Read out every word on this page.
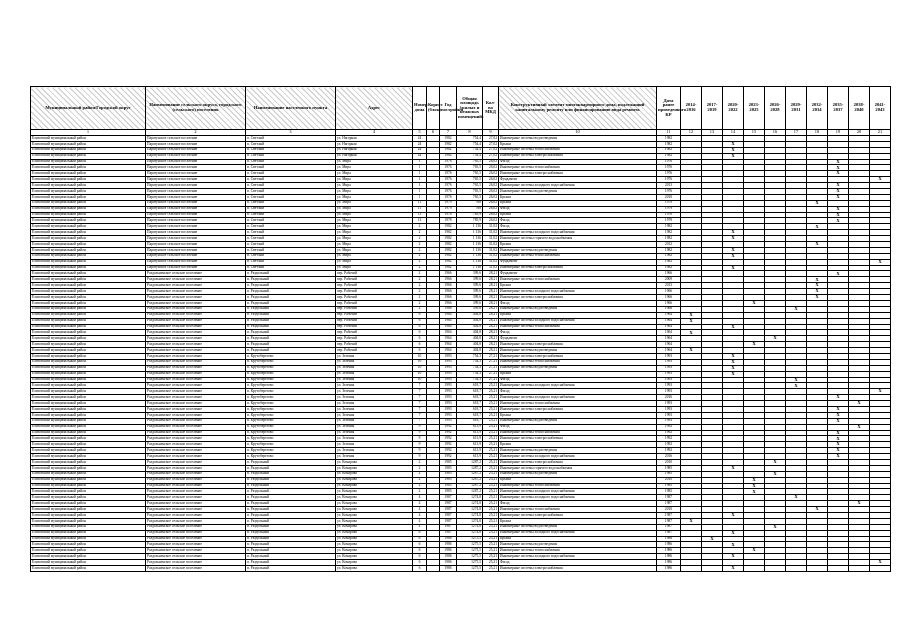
Муниципальный район/Городской округ	Наименование сельского округа, городского (сельского) поселения	Наименование населенного пункта	Адрес	Номер дома	Корпус (блок)	Год постройки	Общая площадь (жилых и нежилых помещений)	Кол-во МКД	Конструктивный элемент многоквартирного дома, подлежащий капитальному ремонту или финансированию вида ремонта	Дата ранее проведенного КР	2014-2016	2017-2019	2020-2022	2023-2025	2026-2028	2029-2031	2032-2034	2035-2037	2038-2040	2041-2043
1	2	3	4	5	6	7	8	9	10	11	12	13	14	15	16	17	18	19	20	21
Елизовский муниципальный район	Паратунское сельское поселение	п. Светлый	ул. Нагорная	24		1982	754,4	27,02	Инженерные системы водоотведения	1982										
Елизовский муниципальный район	Паратунское сельское поселение	п. Светлый	ул. Нагорная	24		1982	754,4	27,02	Крыша	1982			X							
Елизовский муниципальный район	Паратунское сельское поселение	п. Светлый	ул. Нагорная	24		1982	754,4	27,02	Инженерные системы теплоснабжения	1982			X							
Елизовский муниципальный район	Паратунское сельское поселение	п. Светлый	ул. Нагорная	24		1982	754,4	27,02	Инженерные системы электроснабжения	1982			X							
Елизовский муниципальный район	Паратунское сельское поселение	п. Светлый	ул. Мира	1		1976	765,5	26,02	Фасад	1976								X		
Елизовский муниципальный район	Паратунское сельское поселение	п. Светлый	ул. Мира	1		1976	765,5	26,02	Инженерные системы теплоснабжения	1976								X		
Елизовский муниципальный район	Паратунское сельское поселение	п. Светлый	ул. Мира	1		1976	765,5	26,02	Инженерные системы электроснабжения	1976								X		
Елизовский муниципальный район	Паратунское сельское поселение	п. Светлый	ул. Мира	1		1976	765,5	26,02	Фундамент	1976										X
Елизовский муниципальный район	Паратунское сельское поселение	п. Светлый	ул. Мира	1		1976	765,5	26,02	Инженерные системы холодного водоснабжения	2013								X		
Елизовский муниципальный район	Паратунское сельское поселение	п. Светлый	ул. Мира	1		1976	765,5	26,02	Инженерные системы водоотведения	1976								X		
Елизовский муниципальный район	Паратунское сельское поселение	п. Светлый	ул. Мира	1		1976	765,5	26,02	Крыша	2010								X		
Елизовский муниципальный район	Паратунское сельское поселение	п. Светлый	ул. Мира	11		1979	768	26,02	Крыша	1979							X			
Елизовский муниципальный район	Паратунское сельское поселение	п. Светлый	ул. Мира	11		1979	768	26,02	Фасад	1979								X		
Елизовский муниципальный район	Паратунское сельское поселение	п. Светлый	ул. Мира	13		1978	785,9	26,02	Крыша	1978								X		
Елизовский муниципальный район	Паратунское сельское поселение	п. Светлый	ул. Мира	13		1978	785,9	26,02	Фасад	1978								X		
Елизовский муниципальный район	Паратунское сельское поселение	п. Светлый	ул. Мира	2		1982	1 136	31,02	Фасад	1982							X			
Елизовский муниципальный район	Паратунское сельское поселение	п. Светлый	ул. Мира	2		1982	1 136	31,02	Инженерные системы холодного водоснабжения	1982			X							
Елизовский муниципальный район	Паратунское сельское поселение	п. Светлый	ул. Мира	2		1982	1 136	31,02	Инженерные системы горячего водоснабжения	1982			X							
Елизовский муниципальный район	Паратунское сельское поселение	п. Светлый	ул. Мира	2		1982	1 136	31,02	Крыша	2012							X			
Елизовский муниципальный район	Паратунское сельское поселение	п. Светлый	ул. Мира	2		1982	1 136	31,02	Инженерные системы водоотведения	1982			X							
Елизовский муниципальный район	Паратунское сельское поселение	п. Светлый	ул. Мира	2		1982	1 136	31,02	Инженерные системы теплоснабжения	1982			X							
Елизовский муниципальный район	Паратунское сельское поселение	п. Светлый	ул. Мира	2		1982	1 136	31,02	Фундамент	1982										X
Елизовский муниципальный район	Паратунское сельское поселение	п. Светлый	ул. Мира	2		1982	1 136	31,02	Инженерные системы электроснабжения	1982			X							
Елизовский муниципальный район	Раздольненское сельское поселение	п. Раздольный	пер. Рабочий	2		1966	399,6	28,21	Фундамент	1966								X		
Елизовский муниципальный район	Раздольненское сельское поселение	п. Раздольный	пер. Рабочий	2		1966	399,6	28,21	Инженерные системы теплоснабжения	2009							X			
Елизовский муниципальный район	Раздольненское сельское поселение	п. Раздольный	пер. Рабочий	2		1966	399,6	28,21	Крыша	2013							X			
Елизовский муниципальный район	Раздольненское сельское поселение	п. Раздольный	пер. Рабочий	2		1966	399,6	28,21	Инженерные системы холодного водоснабжения	1966							X			
Елизовский муниципальный район	Раздольненское сельское поселение	п. Раздольный	пер. Рабочий	2		1966	399,6	28,21	Инженерные системы электроснабжения	1966							X			
Елизовский муниципальный район	Раздольненское сельское поселение	п. Раздольный	пер. Рабочий	2		1966	399,6	28,21	Фасад	1966				X						
Елизовский муниципальный район	Раздольненское сельское поселение	п. Раздольный	пер. Рабочий	2		1966	399,6	28,21	Инженерные системы водоотведения	1966						X				
Елизовский муниципальный район	Раздольненское сельское поселение	п. Раздольный	пер. Рабочий	6		1964	404,8	28,21	Крыша	1964	X									
Елизовский муниципальный район	Раздольненское сельское поселение	п. Раздольный	пер. Рабочий	6		1964	404,8	28,21	Инженерные системы холодного водоснабжения	1964	X									
Елизовский муниципальный район	Раздольненское сельское поселение	п. Раздольный	пер. Рабочий	6		1964	404,8	28,21	Инженерные системы теплоснабжения	1964			X							
Елизовский муниципальный район	Раздольненское сельское поселение	п. Раздольный	пер. Рабочий	6		1964	404,8	28,21	Фасад	1964	X									
Елизовский муниципальный район	Раздольненское сельское поселение	п. Раздольный	пер. Рабочий	6		1964	404,8	28,21	Фундамент	1964					X					
Елизовский муниципальный район	Раздольненское сельское поселение	п. Раздольный	пер. Рабочий	6		1964	404,8	28,21	Инженерные системы электроснабжения	1964				X						
Елизовский муниципальный район	Раздольненское сельское поселение	п. Раздольный	пер. Рабочий	6		1964	404,8	28,21	Инженерные системы водоотведения	1964	X									
Елизовский муниципальный район	Раздольненское сельское поселение	п. Крутоберегово	ул. Зеленая	10		1993	754,3	27,21	Инженерные системы электроснабжения	1993			X							
Елизовский муниципальный район	Раздольненское сельское поселение	п. Крутоберегово	ул. Зеленая	10		1993	754,3	27,21	Инженерные системы теплоснабжения	1993			X							
Елизовский муниципальный район	Раздольненское сельское поселение	п. Крутоберегово	ул. Зеленая	10		1993	754,3	27,21	Инженерные системы водоотведения	1993			X							
Елизовский муниципальный район	Раздольненское сельское поселение	п. Крутоберегово	ул. Зеленая	10		1993	754,3	27,21	Крыша	1993			X							
Елизовский муниципальный район	Раздольненское сельское поселение	п. Крутоберегово	ул. Зеленая	10		1993	754,3	27,21	Фасад	1993						X				
Елизовский муниципальный район	Раздольненское сельское поселение	п. Крутоберегово	ул. Зеленая	7		1993	618,7	25,21	Инженерные системы холодного водоснабжения	1993						X				
Елизовский муниципальный район	Раздольненское сельское поселение	п. Крутоберегово	ул. Зеленая	7		1993	618,7	25,21	Фасад	1993										X
Елизовский муниципальный район	Раздольненское сельское поселение	п. Крутоберегово	ул. Зеленая	7		1993	618,7	25,21	Инженерные системы холодного водоснабжения	2016								X		
Елизовский муниципальный район	Раздольненское сельское поселение	п. Крутоберегово	ул. Зеленая	7		1993	618,7	25,21	Инженерные системы теплоснабжения	1993									X	
Елизовский муниципальный район	Раздольненское сельское поселение	п. Крутоберегово	ул. Зеленая	7		1993	618,7	25,21	Инженерные системы электроснабжения	1993								X		
Елизовский муниципальный район	Раздольненское сельское поселение	п. Крутоберегово	ул. Зеленая	7		1993	618,7	25,21	Крыша	1993								X		
Елизовский муниципальный район	Раздольненское сельское поселение	п. Крутоберегово	ул. Зеленая	7		1993	618,7	25,21	Инженерные системы водоотведения	1993								X		
Елизовский муниципальный район	Раздольненское сельское поселение	п. Крутоберегово	ул. Зеленая	9		1992	613,9	25,21	Фасад	1992									X	
Елизовский муниципальный район	Раздольненское сельское поселение	п. Крутоберегово	ул. Зеленая	9		1992	613,9	25,21	Инженерные системы теплоснабжения	1992								X		
Елизовский муниципальный район	Раздольненское сельское поселение	п. Крутоберегово	ул. Зеленая	9		1992	613,9	25,21	Инженерные системы электроснабжения	1992								X		
Елизовский муниципальный район	Раздольненское сельское поселение	п. Крутоберегово	ул. Зеленая	9		1992	613,9	25,21	Крыша	1992								X		
Елизовский муниципальный район	Раздольненское сельское поселение	п. Крутоберегово	ул. Зеленая	9		1992	613,9	25,21	Инженерные системы водоотведения	1992								X		
Елизовский муниципальный район	Раздольненское сельское поселение	п. Крутоберегово	ул. Зеленая	9		1992	613,9	25,21	Инженерные системы холодного водоснабжения	2016								X		
Елизовский муниципальный район	Раздольненское сельское поселение	п. Раздольный	ул. Комарова	2		1985	1287,2	25,21	Инженерные системы электроснабжения	2010					X					
Елизовский муниципальный район	Раздольненское сельское поселение	п. Раздольный	ул. Комарова	2		1985	1287,2	25,21	Инженерные системы горячего водоснабжения	1985			X							
Елизовский муниципальный район	Раздольненское сельское поселение	п. Раздольный	ул. Комарова	2		1985	1287,2	25,21	Инженерные системы водоотведения	1985					X					
Елизовский муниципальный район	Раздольненское сельское поселение	п. Раздольный	ул. Комарова	2		1985	1287,2	25,21	Крыша	2010				X						
Елизовский муниципальный район	Раздольненское сельское поселение	п. Раздольный	ул. Комарова	2		1985	1287,2	25,21	Инженерные системы теплоснабжения	1985				X						
Елизовский муниципальный район	Раздольненское сельское поселение	п. Раздольный	ул. Комарова	2		1985	1287,2	25,21	Инженерные системы холодного водоснабжения	1985				X						
Елизовский муниципальный район	Раздольненское сельское поселение	п. Раздольный	ул. Комарова	4		1987	1274,8	25,21	Инженерные системы холодного водоснабжения	1987						X				
Елизовский муниципальный район	Раздольненское сельское поселение	п. Раздольный	ул. Комарова	4		1987	1274,8	25,21	Фасад	1987									X	
Елизовский муниципальный район	Раздольненское сельское поселение	п. Раздольный	ул. Комарова	4		1987	1274,8	25,21	Инженерные системы теплоснабжения	2010							X			
Елизовский муниципальный район	Раздольненское сельское поселение	п. Раздольный	ул. Комарова	4		1987	1274,8	25,21	Инженерные системы электроснабжения	1987			X							
Елизовский муниципальный район	Раздольненское сельское поселение	п. Раздольный	ул. Комарова	4		1987	1274,8	25,21	Крыша	1987	X									
Елизовский муниципальный район	Раздольненское сельское поселение	п. Раздольный	ул. Комарова	4		1987	1274,8	25,21	Инженерные системы водоотведения	1987					X					
Елизовский муниципальный район	Раздольненское сельское поселение	п. Раздольный	ул. Комарова	6		1987	1274,8	25,21	Инженерные системы холодного водоснабжения	1987			X							
Елизовский муниципальный район	Раздольненское сельское поселение	п. Раздольный	ул. Комарова	6		1986	1275,5	25,21	Крыша	1986		X								
Елизовский муниципальный район	Раздольненское сельское поселение	п. Раздольный	ул. Комарова	6		1986	1275,5	25,21	Инженерные системы водоотведения	1986			X							
Елизовский муниципальный район	Раздольненское сельское поселение	п. Раздольный	ул. Комарова	6		1986	1275,5	25,21	Инженерные системы теплоснабжения	1986				X						
Елизовский муниципальный район	Раздольненское сельское поселение	п. Раздольный	ул. Комарова	6		1986	1275,5	25,21	Инженерные системы холодного водоснабжения	1986			X							
Елизовский муниципальный район	Раздольненское сельское поселение	п. Раздольный	ул. Комарова	6		1986	1275,5	25,21	Фасад	1986										X
Елизовский муниципальный район	Раздольненское сельское поселение	п. Раздольный	ул. Комарова	6		1986	1275,5	25,21	Инженерные системы электроснабжения	1986			X							
